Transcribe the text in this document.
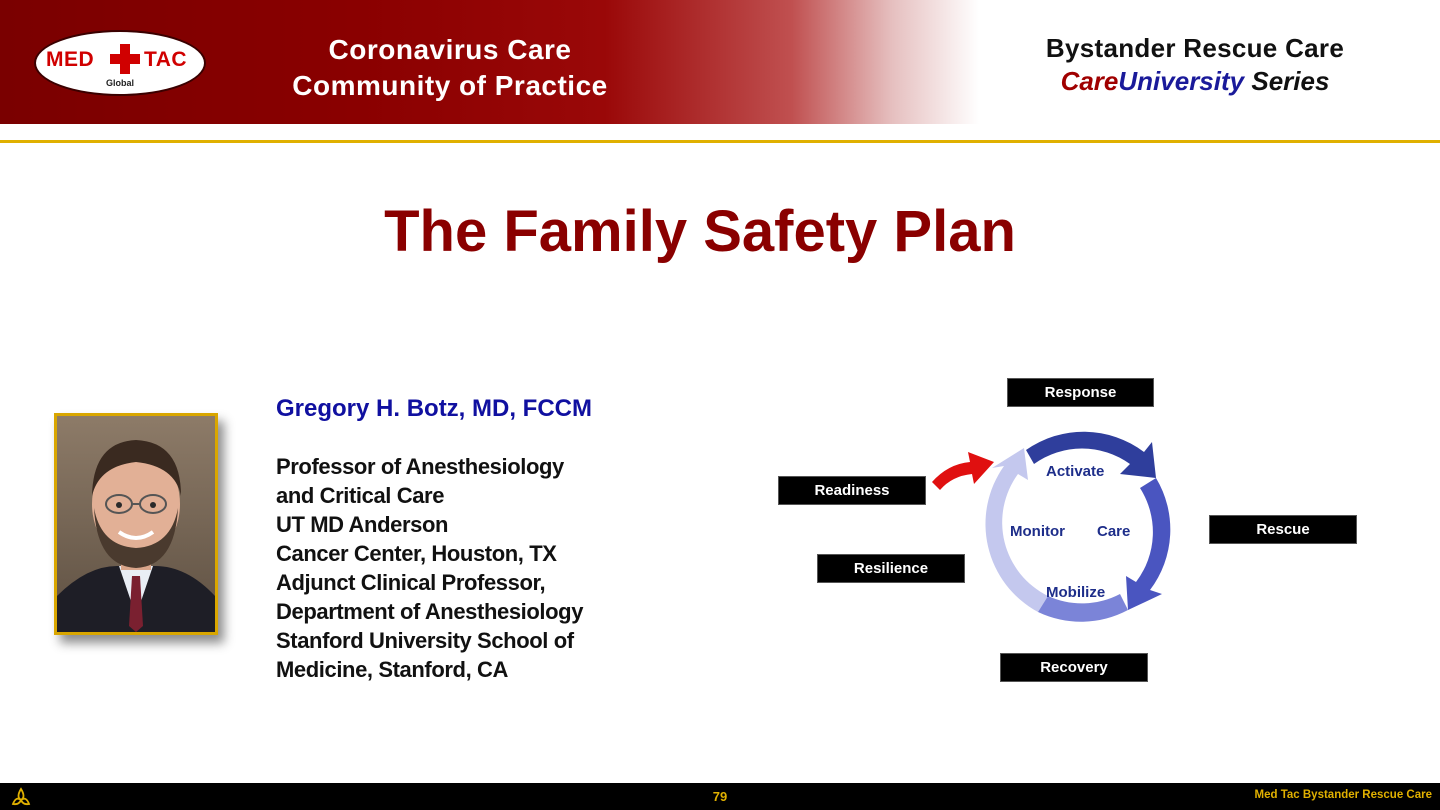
MED TAC
Global
Coronavirus Care
Community of Practice
Bystander Rescue Care
CareUniversity Series
The Family Safety Plan
Gregory H. Botz, MD, FCCM
Professor of Anesthesiology
and Critical Care
UT MD Anderson
Cancer Center, Houston, TX
Adjunct Clinical Professor,
Department of Anesthesiology
Stanford University School of
Medicine, Stanford, CA
Activate
Monitor Care
Mobilize
Response
Rescue
Recovery
Resilience
Readiness
79	Med Tac Bystander Rescue Care
